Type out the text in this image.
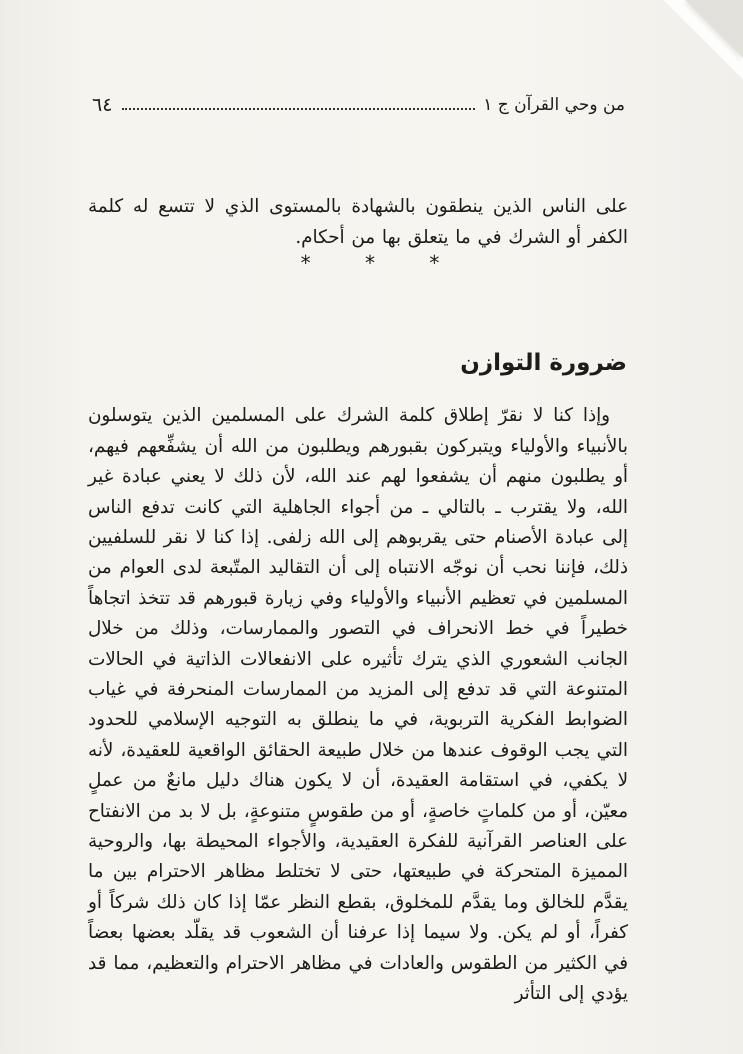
٦٤	من وحي القرآن ج ١

على الناس الذين ينطقون بالشهادة بالمستوى الذي لا تتسع له كلمة الكفر أو الشرك في ما يتعلق بها من أحكام.

* * *
ضرورة التوازن

وإذا كنا لا نقرّ إطلاق كلمة الشرك على المسلمين الذين يتوسلون بالأنبياء والأولياء ويتبركون بقبورهم ويطلبون من الله أن يشفِّعهم فيهم، أو يطلبون منهم أن يشفعوا لهم عند الله، لأن ذلك لا يعني عبادة غير الله، ولا يقترب ـ بالتالي ـ من أجواء الجاهلية التي كانت تدفع الناس إلى عبادة الأصنام حتى يقربوهم إلى الله زلفى. إذا كنا لا نقر للسلفيين ذلك، فإننا نحب أن نوجّه الانتباه إلى أن التقاليد المتّبعة لدى العوام من المسلمين في تعظيم الأنبياء والأولياء وفي زيارة قبورهم قد تتخذ اتجاهاً خطيراً في خط الانحراف في التصور والممارسات، وذلك من خلال الجانب الشعوري الذي يترك تأثيره على الانفعالات الذاتية في الحالات المتنوعة التي قد تدفع إلى المزيد من الممارسات المنحرفة في غياب الضوابط الفكرية التربوية، في ما ينطلق به التوجيه الإسلامي للحدود التي يجب الوقوف عندها من خلال طبيعة الحقائق الواقعية للعقيدة، لأنه لا يكفي، في استقامة العقيدة، أن لا يكون هناك دليل مانعٌ من عملٍ معيّن، أو من كلماتٍ خاصةٍ، أو من طقوسٍ متنوعةٍ، بل لا بد من الانفتاح على العناصر القرآنية للفكرة العقيدية، والأجواء المحيطة بها، والروحية المميزة المتحركة في طبيعتها، حتى لا تختلط مظاهر الاحترام بين ما يقدَّم للخالق وما يقدَّم للمخلوق، بقطع النظر عمّا إذا كان ذلك شركاً أو كفراً، أو لم يكن. ولا سيما إذا عرفنا أن الشعوب قد يقلّد بعضها بعضاً في الكثير من الطقوس والعادات في مظاهر الاحترام والتعظيم، مما قد يؤدي إلى التأثر
